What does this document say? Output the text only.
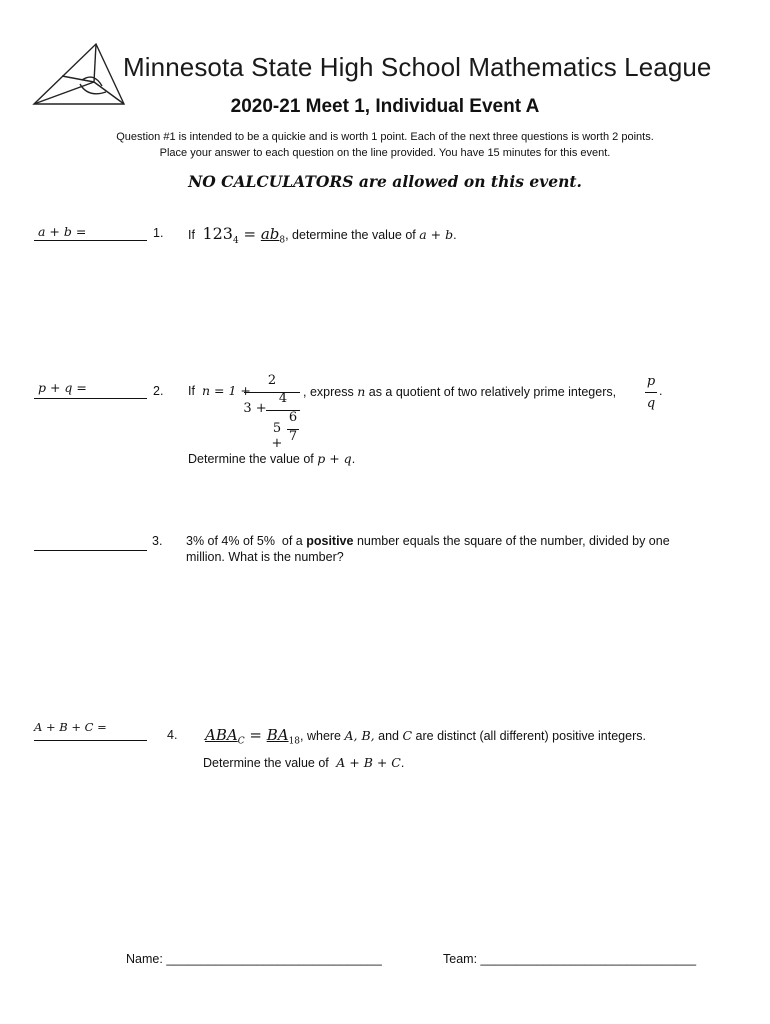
Minnesota State High School Mathematics League
2020-21 Meet 1, Individual Event A
Question #1 is intended to be a quickie and is worth 1 point. Each of the next three questions is worth 2 points.
Place your answer to each question on the line provided. You have 15 minutes for this event.
NO CALCULATORS are allowed on this event.
a + b =	1. If $123_4 = ab_8$, determine the value of a + b.
p + q =	2. If n = 1 +
2
3 +
4
5 +
6
7
, express n as a quotient of two relatively prime integers,
p
q
.
Determine the value of p + q.
3. 3% of 4% of 5%  of a positive number equals the square of the number, divided by one
million. What is the number?
A + B + C =
4. $ABA_C = BA_{18}$, where A, B, and C are distinct (all different) positive integers.
Determine the value of A + B + C.
Name: _______________________________	Team: _______________________________
